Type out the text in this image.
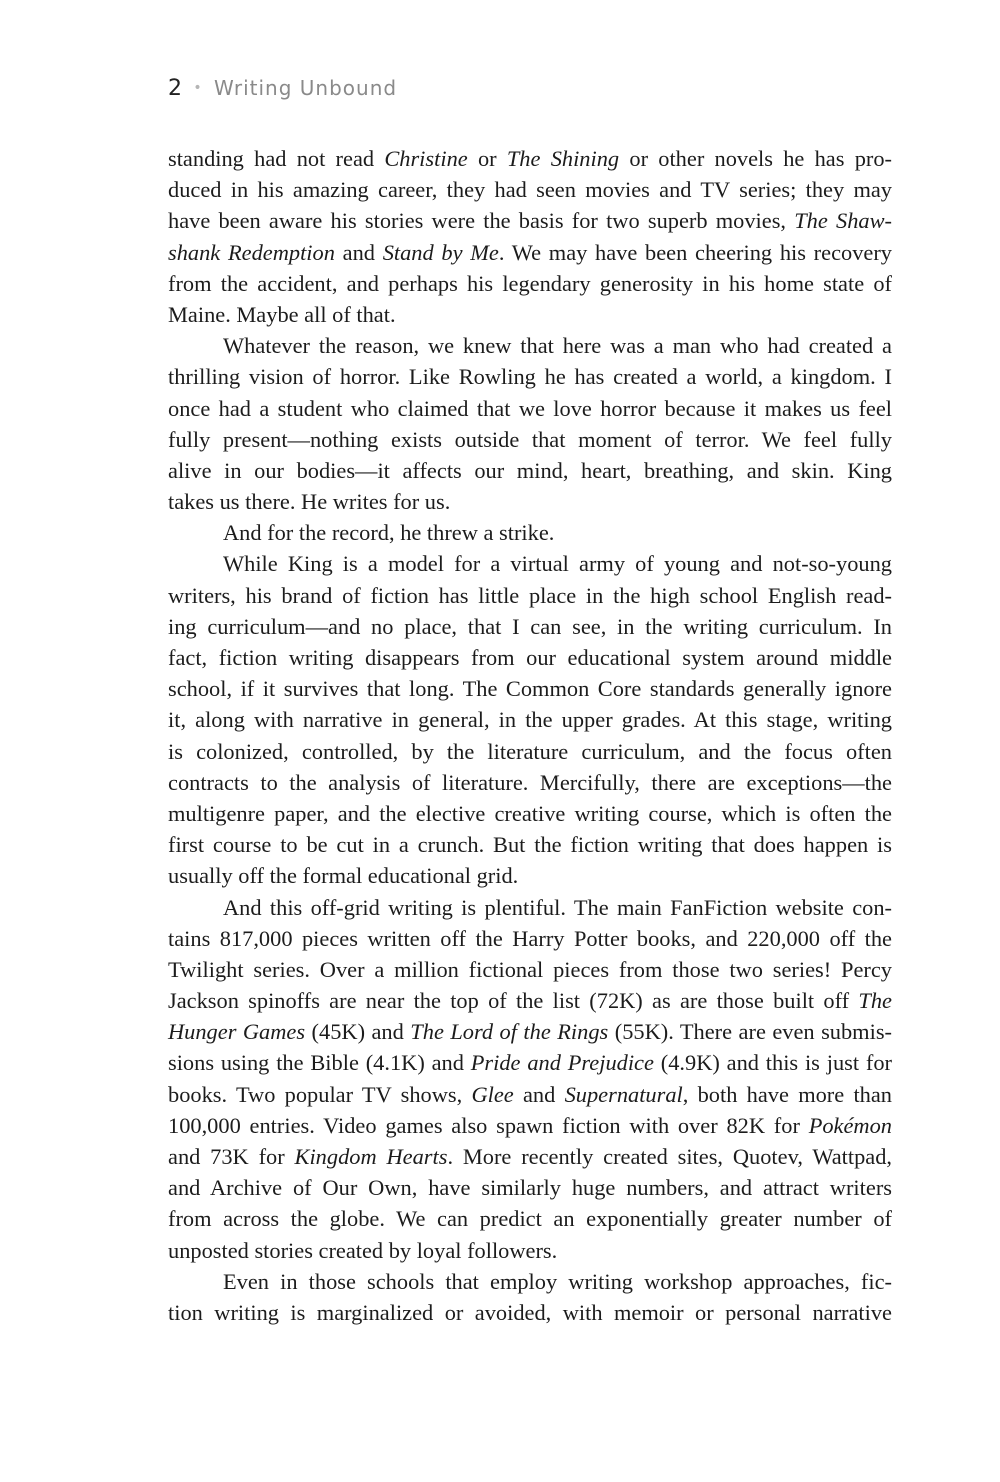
2 • Writing Unbound
standing had not read Christine or The Shining or other novels he has pro-
duced in his amazing career, they had seen movies and TV series; they may
have been aware his stories were the basis for two superb movies, The Shaw-
shank Redemption and Stand by Me. We may have been cheering his recovery
from the accident, and perhaps his legendary generosity in his home state of
Maine. Maybe all of that.
Whatever the reason, we knew that here was a man who had created a
thrilling vision of horror. Like Rowling he has created a world, a kingdom. I
once had a student who claimed that we love horror because it makes us feel
fully present—nothing exists outside that moment of terror. We feel fully
alive in our bodies—it affects our mind, heart, breathing, and skin. King
takes us there. He writes for us.
And for the record, he threw a strike.
While King is a model for a virtual army of young and not-so-young
writers, his brand of fiction has little place in the high school English read-
ing curriculum—and no place, that I can see, in the writing curriculum. In
fact, fiction writing disappears from our educational system around middle
school, if it survives that long. The Common Core standards generally ignore
it, along with narrative in general, in the upper grades. At this stage, writing
is colonized, controlled, by the literature curriculum, and the focus often
contracts to the analysis of literature. Mercifully, there are exceptions—the
multigenre paper, and the elective creative writing course, which is often the
first course to be cut in a crunch. But the fiction writing that does happen is
usually off the formal educational grid.
And this off-grid writing is plentiful. The main FanFiction website con-
tains 817,000 pieces written off the Harry Potter books, and 220,000 off the
Twilight series. Over a million fictional pieces from those two series! Percy
Jackson spinoffs are near the top of the list (72K) as are those built off The
Hunger Games (45K) and The Lord of the Rings (55K). There are even submis-
sions using the Bible (4.1K) and Pride and Prejudice (4.9K) and this is just for
books. Two popular TV shows, Glee and Supernatural, both have more than
100,000 entries. Video games also spawn fiction with over 82K for Pokémon
and 73K for Kingdom Hearts. More recently created sites, Quotev, Wattpad,
and Archive of Our Own, have similarly huge numbers, and attract writers
from across the globe. We can predict an exponentially greater number of
unposted stories created by loyal followers.
Even in those schools that employ writing workshop approaches, fic-
tion writing is marginalized or avoided, with memoir or personal narrative
